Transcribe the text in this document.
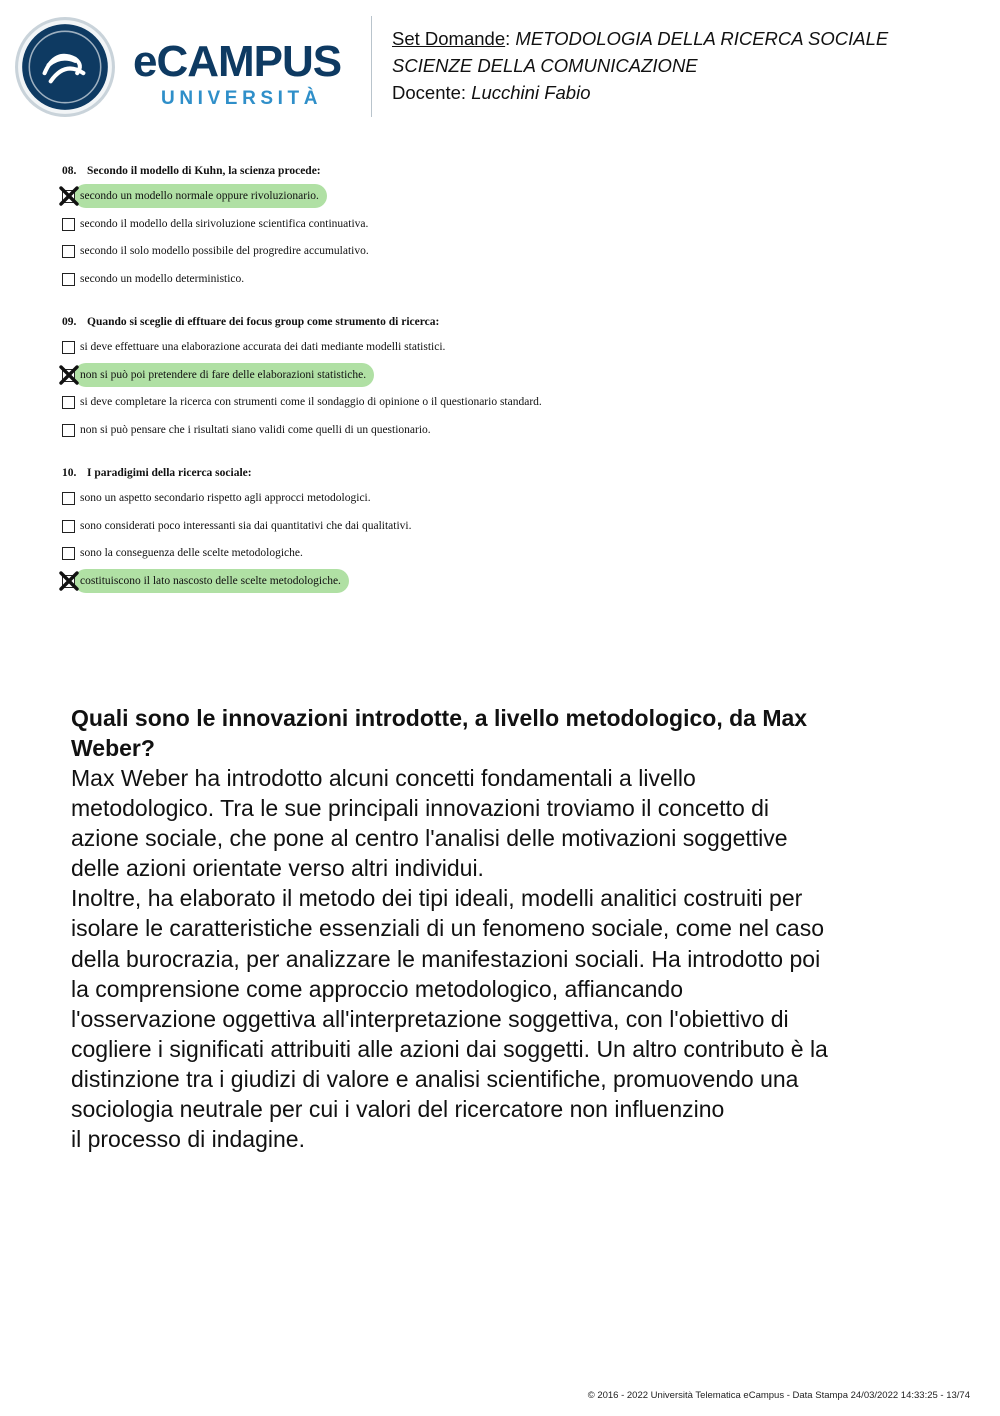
eCAMPUS
UNIVERSITÀ
Set Domande: METODOLOGIA DELLA RICERCA SOCIALE
SCIENZE DELLA COMUNICAZIONE
Docente: Lucchini Fabio
08. Secondo il modello di Kuhn, la scienza procede:
secondo un modello normale oppure rivoluzionario.
secondo il modello della sirivoluzione scientifica continuativa.
secondo il solo modello possibile del progredire accumulativo.
secondo un modello deterministico.
09. Quando si sceglie di efftuare dei focus group come strumento di ricerca:
si deve effettuare una elaborazione accurata dei dati mediante modelli statistici.
non si può poi pretendere di fare delle elaborazioni statistiche.
si deve completare la ricerca con strumenti come il sondaggio di opinione o il questionario standard.
non si può pensare che i risultati siano validi come quelli di un questionario.
10. I paradigimi della ricerca sociale:
sono un aspetto secondario rispetto agli approcci metodologici.
sono considerati poco interessanti sia dai quantitativi che dai qualitativi.
sono la conseguenza delle scelte metodologiche.
costituiscono il lato nascosto delle scelte metodologiche.
Quali sono le innovazioni introdotte, a livello metodologico, da Max
Weber?
Max Weber ha introdotto alcuni concetti fondamentali a livello
metodologico. Tra le sue principali innovazioni troviamo il concetto di
azione sociale, che pone al centro l'analisi delle motivazioni soggettive
delle azioni orientate verso altri individui.
Inoltre, ha elaborato il metodo dei tipi ideali, modelli analitici costruiti per
isolare le caratteristiche essenziali di un fenomeno sociale, come nel caso
della burocrazia, per analizzare le manifestazioni sociali. Ha introdotto poi
la comprensione come approccio metodologico, affiancando
l'osservazione oggettiva all'interpretazione soggettiva, con l'obiettivo di
cogliere i significati attribuiti alle azioni dai soggetti. Un altro contributo è la
distinzione tra i giudizi di valore e analisi scientifiche, promuovendo una
sociologia neutrale per cui i valori del ricercatore non influenzino
il processo di indagine.
© 2016 - 2022 Università Telematica eCampus - Data Stampa 24/03/2022 14:33:25 - 13/74
